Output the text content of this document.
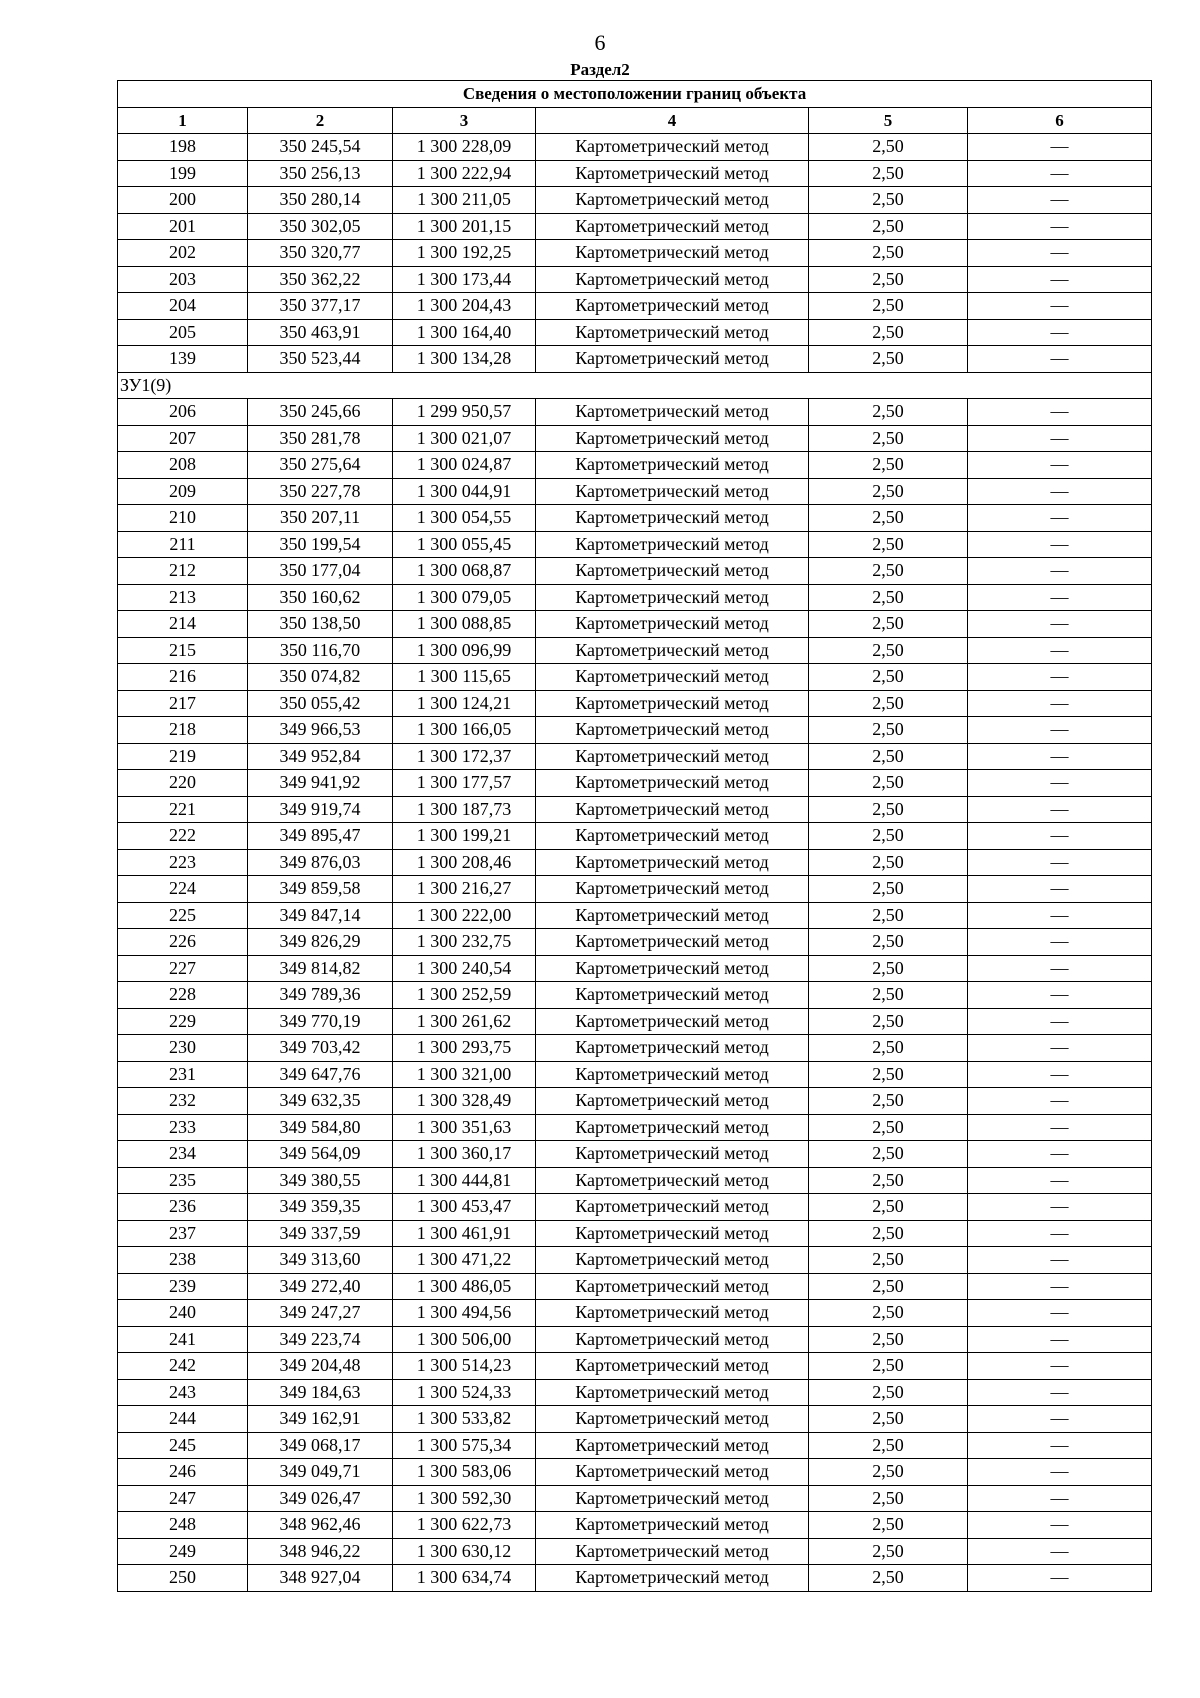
6
Раздел2
Сведения о местоположении границ объекта					
1	2	3	4	5	6
198	350 245,54	1 300 228,09	Картометрический метод	2,50	—
199	350 256,13	1 300 222,94	Картометрический метод	2,50	—
200	350 280,14	1 300 211,05	Картометрический метод	2,50	—
201	350 302,05	1 300 201,15	Картометрический метод	2,50	—
202	350 320,77	1 300 192,25	Картометрический метод	2,50	—
203	350 362,22	1 300 173,44	Картометрический метод	2,50	—
204	350 377,17	1 300 204,43	Картометрический метод	2,50	—
205	350 463,91	1 300 164,40	Картометрический метод	2,50	—
139	350 523,44	1 300 134,28	Картометрический метод	2,50	—
ЗУ1(9)					
206	350 245,66	1 299 950,57	Картометрический метод	2,50	—
207	350 281,78	1 300 021,07	Картометрический метод	2,50	—
208	350 275,64	1 300 024,87	Картометрический метод	2,50	—
209	350 227,78	1 300 044,91	Картометрический метод	2,50	—
210	350 207,11	1 300 054,55	Картометрический метод	2,50	—
211	350 199,54	1 300 055,45	Картометрический метод	2,50	—
212	350 177,04	1 300 068,87	Картометрический метод	2,50	—
213	350 160,62	1 300 079,05	Картометрический метод	2,50	—
214	350 138,50	1 300 088,85	Картометрический метод	2,50	—
215	350 116,70	1 300 096,99	Картометрический метод	2,50	—
216	350 074,82	1 300 115,65	Картометрический метод	2,50	—
217	350 055,42	1 300 124,21	Картометрический метод	2,50	—
218	349 966,53	1 300 166,05	Картометрический метод	2,50	—
219	349 952,84	1 300 172,37	Картометрический метод	2,50	—
220	349 941,92	1 300 177,57	Картометрический метод	2,50	—
221	349 919,74	1 300 187,73	Картометрический метод	2,50	—
222	349 895,47	1 300 199,21	Картометрический метод	2,50	—
223	349 876,03	1 300 208,46	Картометрический метод	2,50	—
224	349 859,58	1 300 216,27	Картометрический метод	2,50	—
225	349 847,14	1 300 222,00	Картометрический метод	2,50	—
226	349 826,29	1 300 232,75	Картометрический метод	2,50	—
227	349 814,82	1 300 240,54	Картометрический метод	2,50	—
228	349 789,36	1 300 252,59	Картометрический метод	2,50	—
229	349 770,19	1 300 261,62	Картометрический метод	2,50	—
230	349 703,42	1 300 293,75	Картометрический метод	2,50	—
231	349 647,76	1 300 321,00	Картометрический метод	2,50	—
232	349 632,35	1 300 328,49	Картометрический метод	2,50	—
233	349 584,80	1 300 351,63	Картометрический метод	2,50	—
234	349 564,09	1 300 360,17	Картометрический метод	2,50	—
235	349 380,55	1 300 444,81	Картометрический метод	2,50	—
236	349 359,35	1 300 453,47	Картометрический метод	2,50	—
237	349 337,59	1 300 461,91	Картометрический метод	2,50	—
238	349 313,60	1 300 471,22	Картометрический метод	2,50	—
239	349 272,40	1 300 486,05	Картометрический метод	2,50	—
240	349 247,27	1 300 494,56	Картометрический метод	2,50	—
241	349 223,74	1 300 506,00	Картометрический метод	2,50	—
242	349 204,48	1 300 514,23	Картометрический метод	2,50	—
243	349 184,63	1 300 524,33	Картометрический метод	2,50	—
244	349 162,91	1 300 533,82	Картометрический метод	2,50	—
245	349 068,17	1 300 575,34	Картометрический метод	2,50	—
246	349 049,71	1 300 583,06	Картометрический метод	2,50	—
247	349 026,47	1 300 592,30	Картометрический метод	2,50	—
248	348 962,46	1 300 622,73	Картометрический метод	2,50	—
249	348 946,22	1 300 630,12	Картометрический метод	2,50	—
250	348 927,04	1 300 634,74	Картометрический метод	2,50	—
